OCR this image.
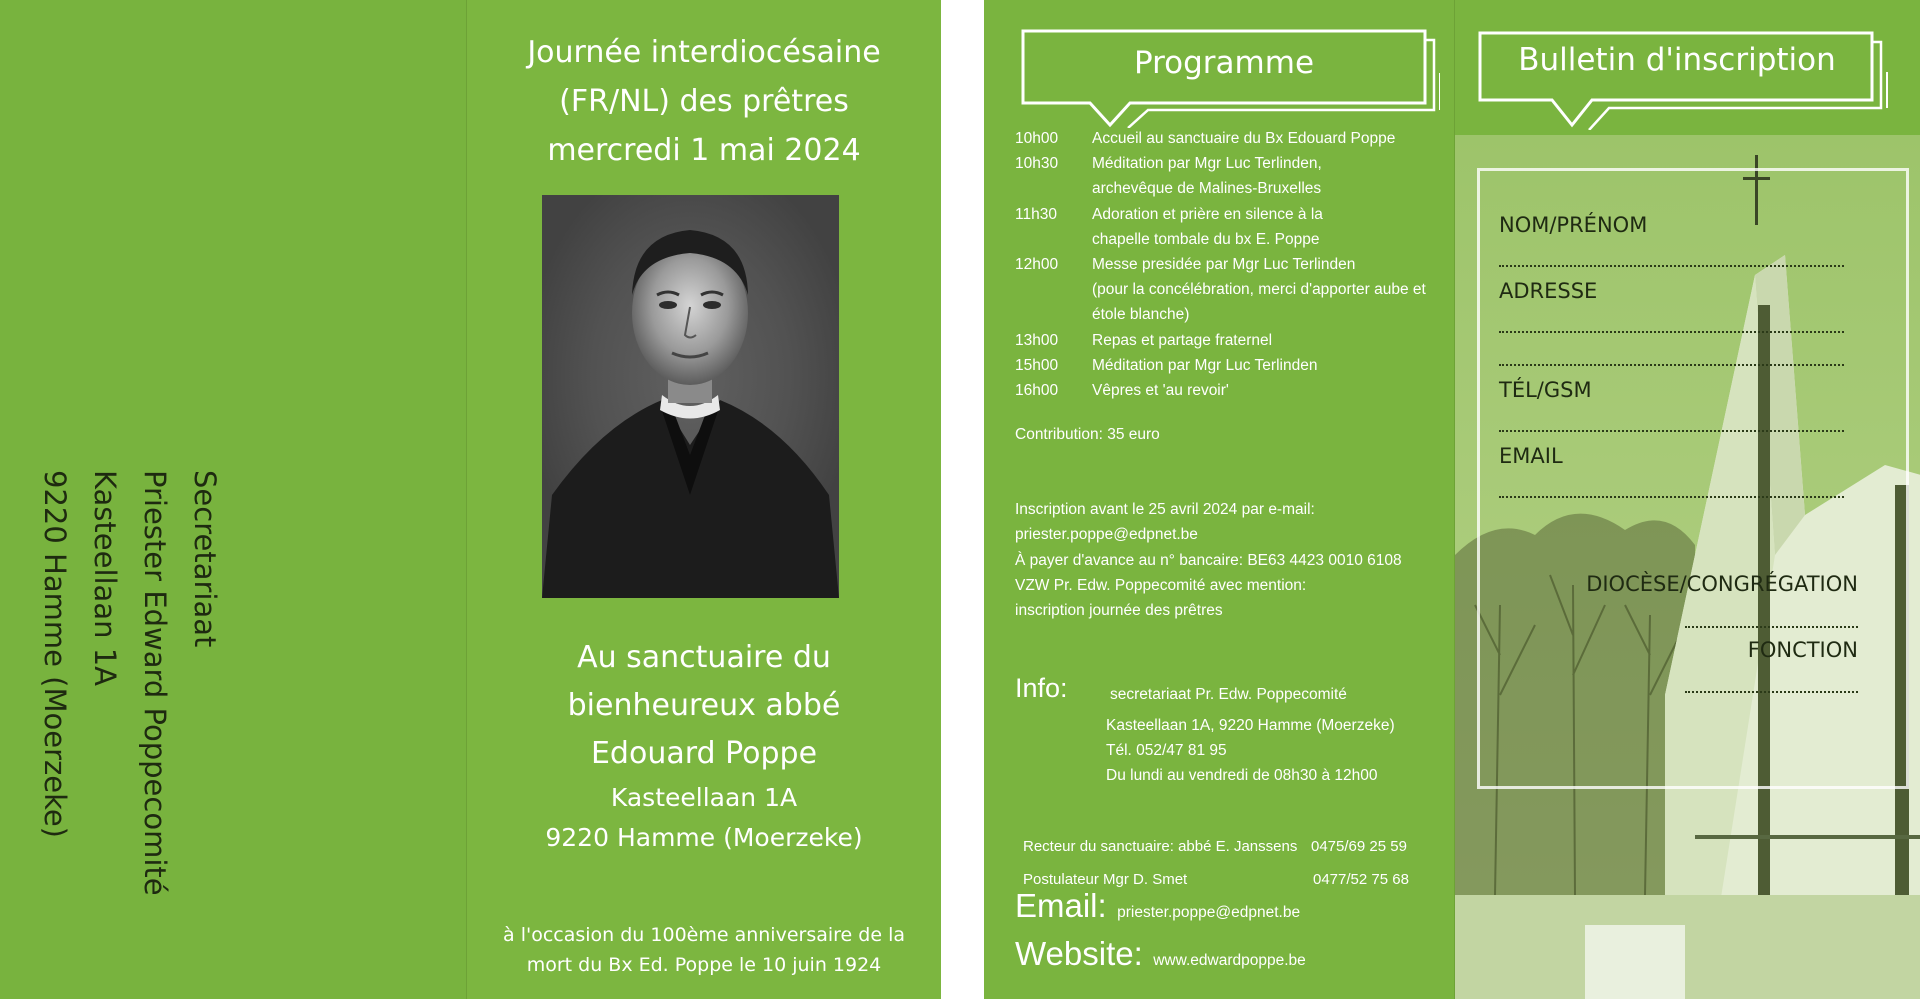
Secretariaat
Priester Edward Poppecomité
Kasteellaan 1A
9220 Hamme (Moerzeke)
Journée interdiocésaine
(FR/NL) des prêtres
mercredi 1 mai 2024
Au sanctuaire du
bienheureux abbé
Edouard Poppe
Kasteellaan 1A
9220 Hamme (Moerzeke)
à l'occasion du 100ème anniversaire de la
mort du Bx Ed. Poppe le 10 juin 1924
Programme
10h00	Accueil au sanctuaire du Bx Edouard Poppe
10h30	Méditation par Mgr Luc Terlinden,
archevêque de Malines-Bruxelles
11h30	Adoration et prière en silence à la
chapelle tombale du bx E. Poppe
12h00	Messe presidée par Mgr Luc Terlinden
(pour la concélébration, merci d'apporter aube et
étole blanche)
13h00	Repas et partage fraternel
15h00	Méditation par Mgr Luc Terlinden
16h00	Vêpres et 'au revoir'
Contribution: 35 euro
Inscription avant le 25 avril 2024 par e-mail:
priester.poppe@edpnet.be
À payer d'avance au n° bancaire: BE63 4423 0010 6108
VZW Pr. Edw. Poppecomité avec mention:
inscription journée des prêtres
Info:	secretariaat Pr. Edw. Poppecomité
Kasteellaan 1A, 9220 Hamme (Moerzeke)
Tél. 052/47 81 95
Du lundi au vendredi de 08h30 à 12h00
Recteur du sanctuaire: abbé E. Janssens 0475/69 25 59
Postulateur Mgr D. Smet	0477/52 75 68
Email: priester.poppe@edpnet.be
Website: www.edwardpoppe.be
Bulletin d'inscription
NOM/PRÉNOM
ADRESSE
TÉL/GSM
EMAIL
DIOCÈSE/CONGRÉGATION
FONCTION
